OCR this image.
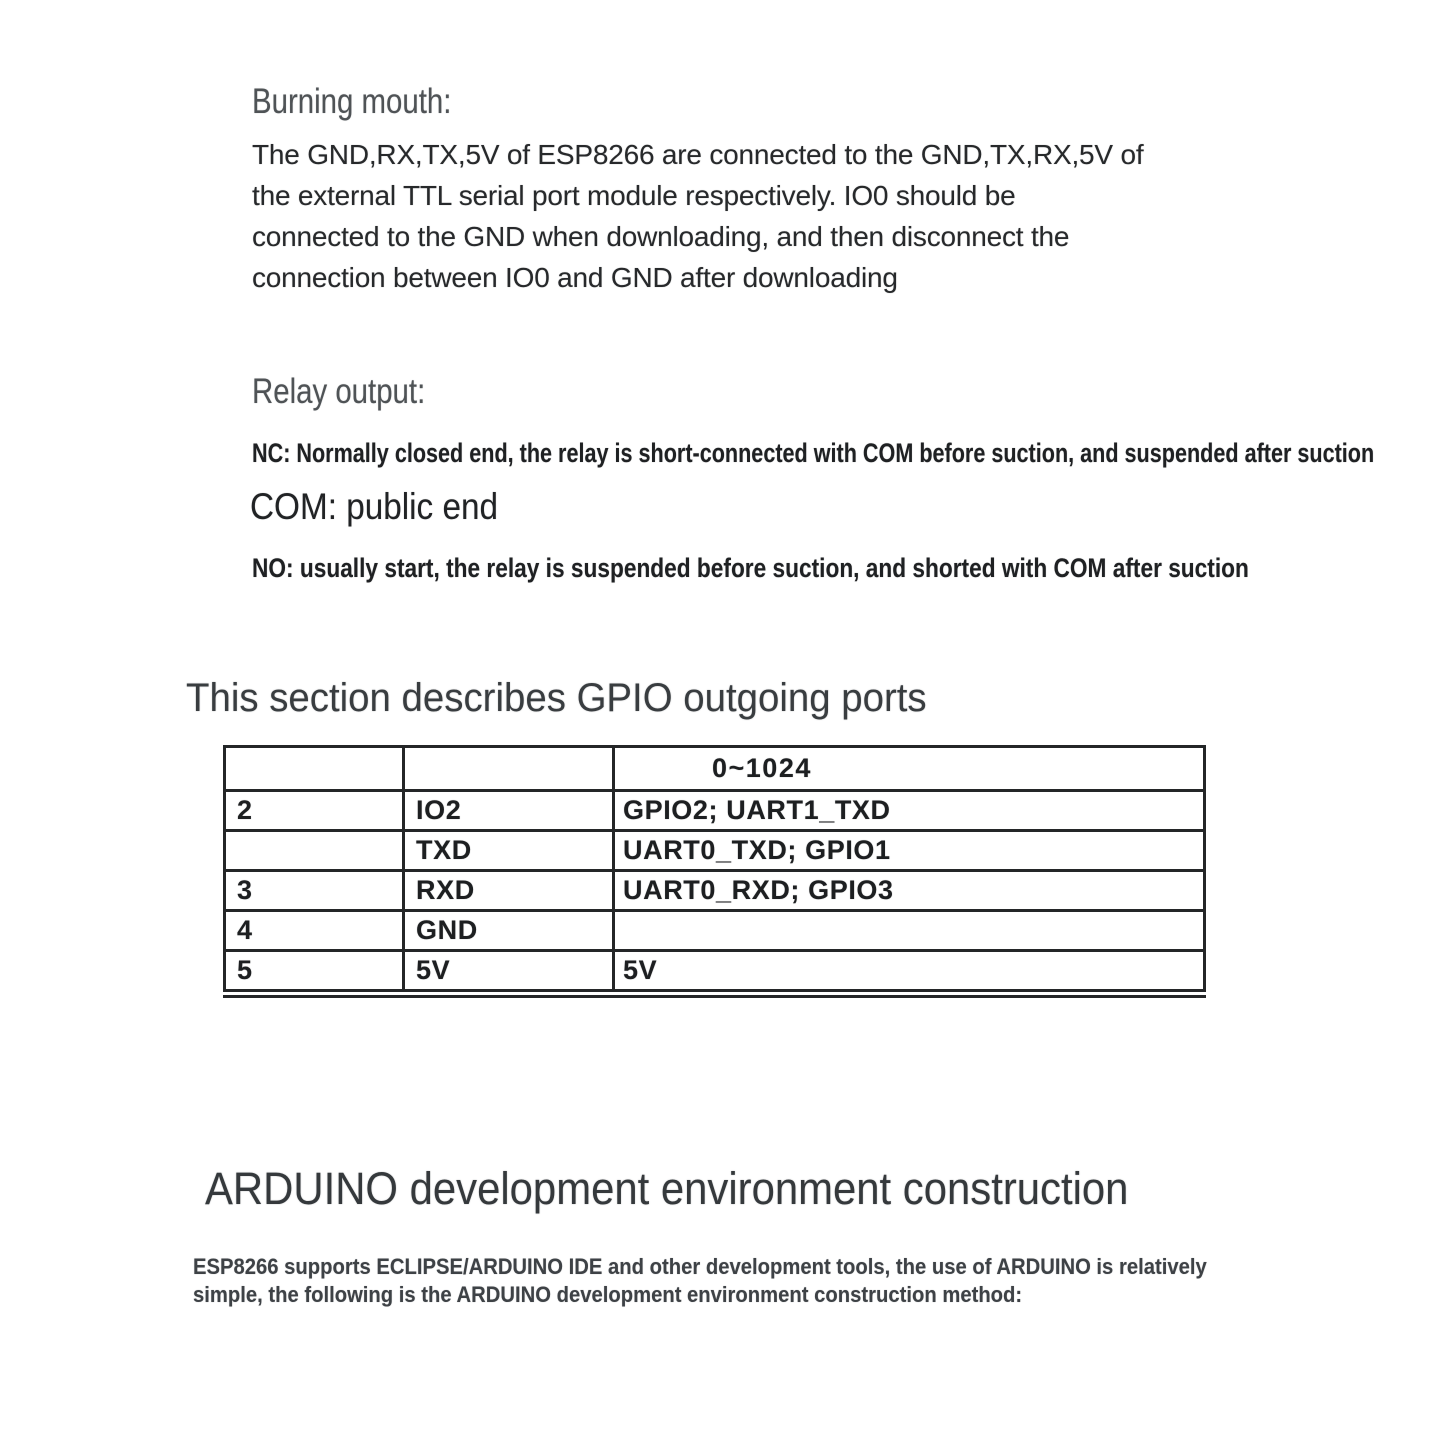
Burning mouth:
The GND,RX,TX,5V of ESP8266 are connected to the GND,TX,RX,5V of
the external TTL serial port module respectively. IO0 should be
connected to the GND when downloading, and then disconnect the
connection between IO0 and GND after downloading
Relay output:
NC: Normally closed end, the relay is short-connected with COM before suction, and suspended after suction
COM: public end
NO: usually start, the relay is suspended before suction, and shorted with COM after suction
This section describes GPIO outgoing ports
		0~1024
2	IO2	GPIO2; UART1_TXD
	TXD	UART0_TXD; GPIO1
3	RXD	UART0_RXD; GPIO3
4	GND	
5	5V	5V
ARDUINO development environment construction
ESP8266 supports ECLIPSE/ARDUINO IDE and other development tools, the use of ARDUINO is relatively
simple, the following is the ARDUINO development environment construction method:
